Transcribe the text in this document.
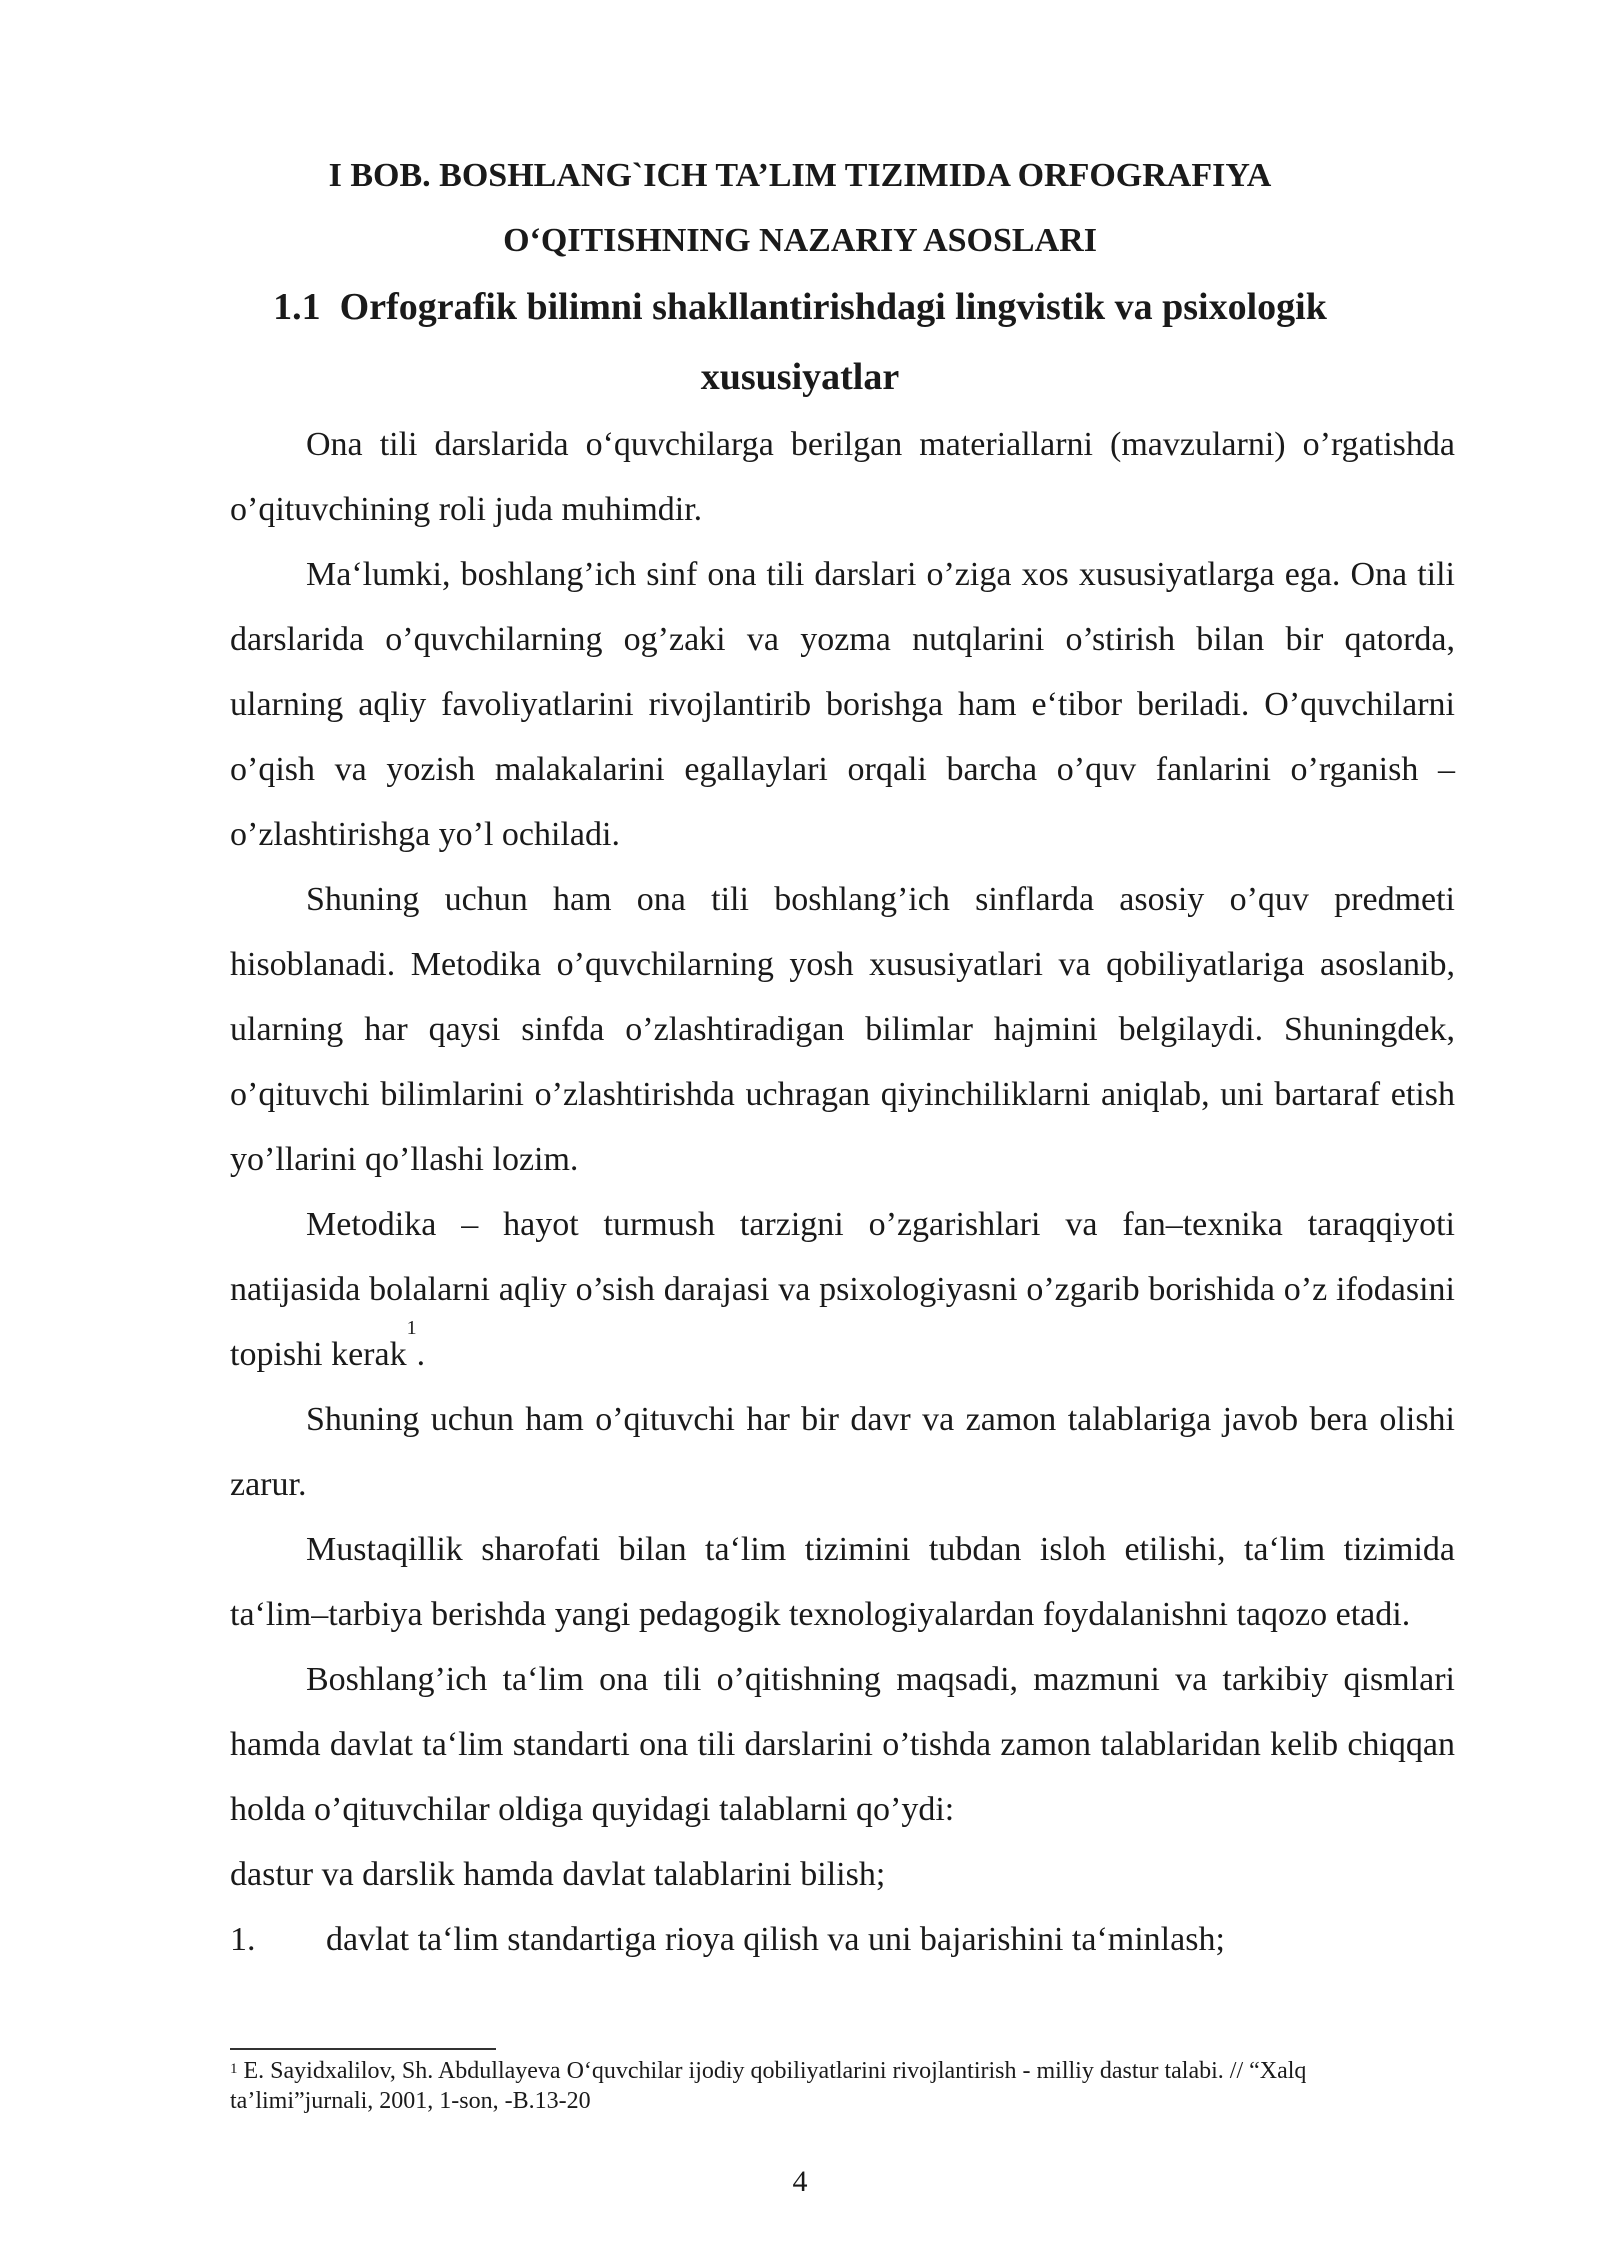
I BOB. BOSHLANG`ICH TA’LIM TIZIMIDA ORFOGRAFIYA
O‘QITISHNING NAZARIY ASOSLARI
1.1  Orfografik bilimni shakllantirishdagi lingvistik va psixologik
xususiyatlar

Ona tili darslarida o‘quvchilarga berilgan materiallarni (mavzularni) o’rgatishda o’qituvchining roli juda muhimdir.

Ma‘lumki, boshlang’ich sinf ona tili darslari o’ziga xos xususiyatlarga ega. Ona tili darslarida o’quvchilarning og’zaki va yozma nutqlarini o’stirish bilan bir qatorda, ularning aqliy favoliyatlarini rivojlantirib borishga ham e‘tibor beriladi. O’quvchilarni o’qish va yozish malakalarini egallaylari orqali barcha o’quv fanlarini o’rganish – o’zlashtirishga yo’l ochiladi.

Shuning uchun ham ona tili boshlang’ich sinflarda asosiy o’quv predmeti hisoblanadi. Metodika o’quvchilarning yosh xususiyatlari va qobiliyatlariga asoslanib, ularning har qaysi sinfda o’zlashtiradigan bilimlar hajmini belgilaydi. Shuningdek, o’qituvchi bilimlarini o’zlashtirishda uchragan qiyinchiliklarni aniqlab, uni bartaraf etish yo’llarini qo’llashi lozim.

Metodika – hayot turmush tarzigni o’zgarishlari va fan–texnika taraqqiyoti natijasida bolalarni aqliy o’sish darajasi va psixologiyasni o’zgarib borishida o’z ifodasini topishi kerak$^1$.

Shuning uchun ham o’qituvchi har bir davr va zamon talablariga javob bera olishi zarur.

Mustaqillik sharofati bilan ta‘lim tizimini tubdan isloh etilishi, ta‘lim tizimida ta‘lim–tarbiya berishda yangi pedagogik texnologiyalardan foydalanishni taqozo etadi.

Boshlang’ich ta‘lim ona tili o’qitishning maqsadi, mazmuni va tarkibiy qismlari hamda davlat ta‘lim standarti ona tili darslarini o’tishda zamon talablaridan kelib chiqqan holda o’qituvchilar oldiga quyidagi talablarni qo’ydi:

dastur va darslik hamda davlat talablarini bilish;

1.	davlat ta‘lim standartiga rioya qilish va uni bajarishini ta‘minlash;
$^1$ E. Sayidxalilov, Sh. Abdullayeva O‘quvchilar ijodiy qobiliyatlarini rivojlantirish - milliy dastur talabi. // “Xalq ta’limi”jurnali, 2001, 1-son, -B.13-20
4
